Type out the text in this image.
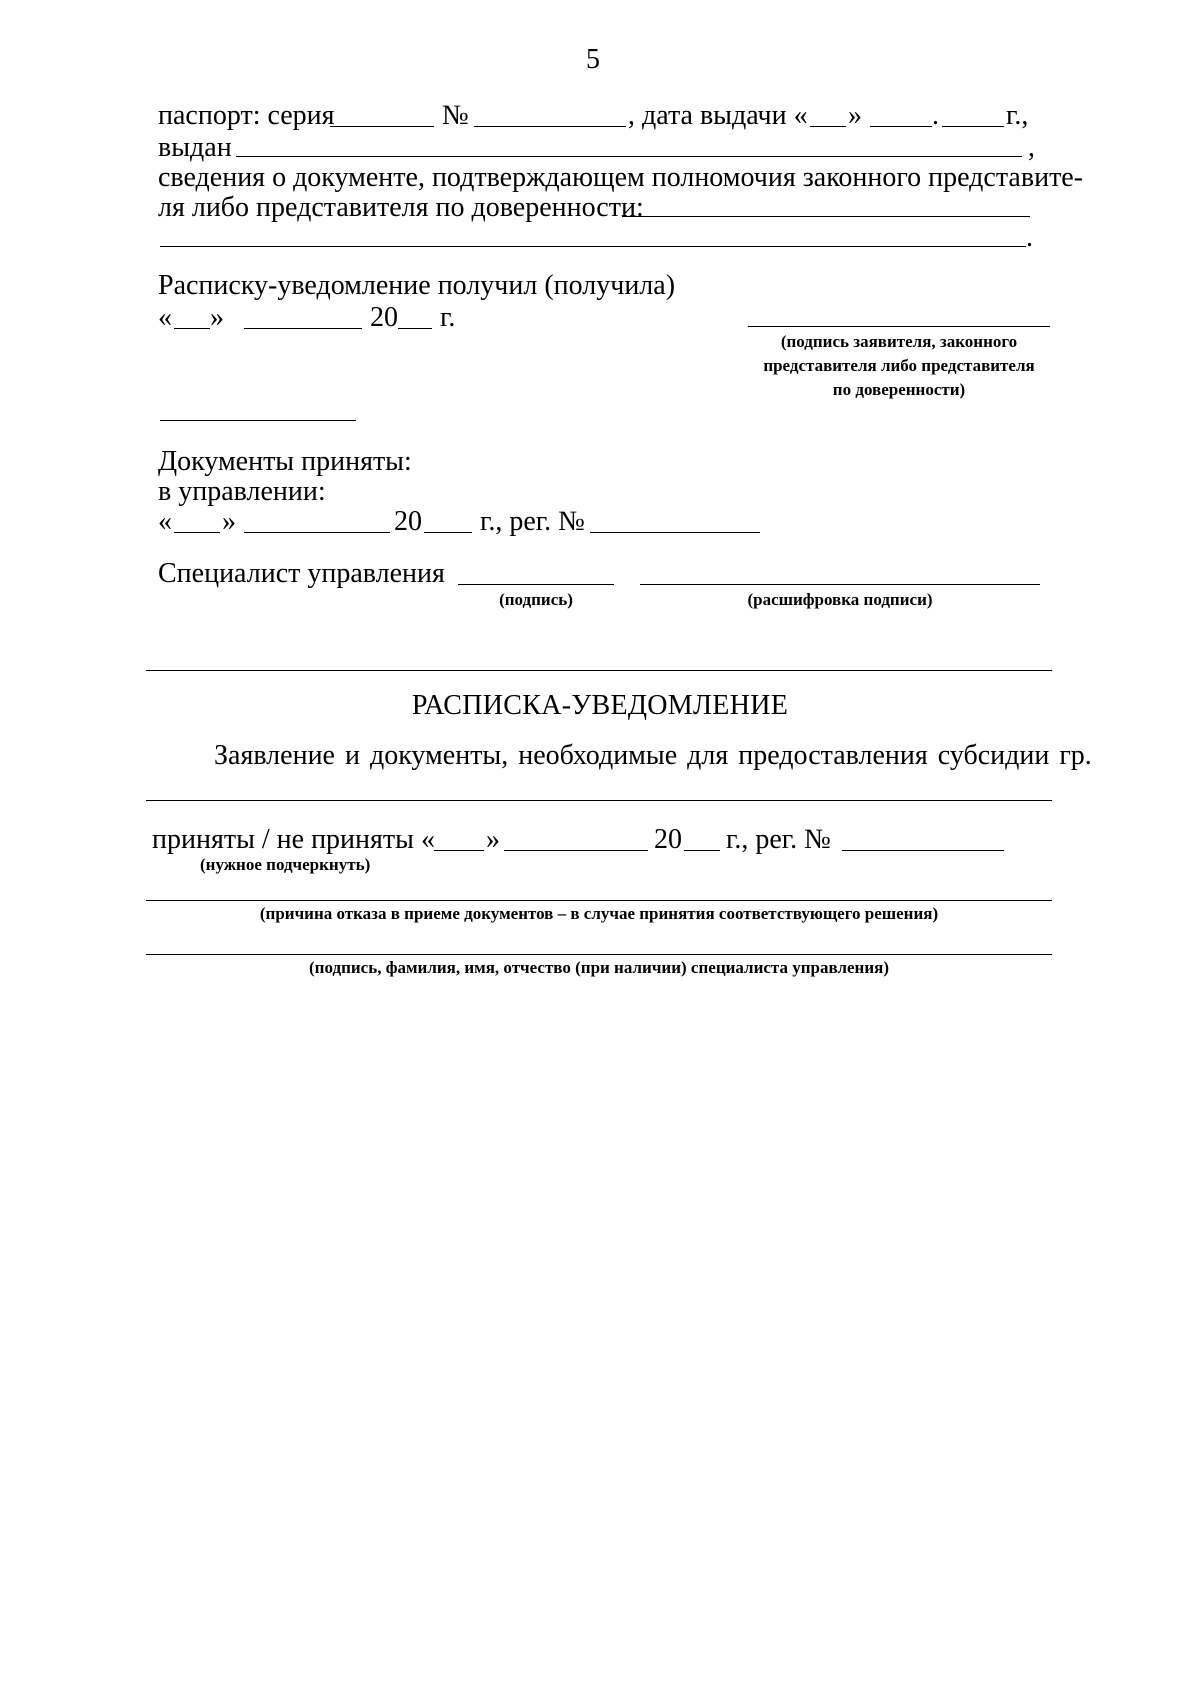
5
паспорт: серия	№	, дата выдачи « »	. г.,
выдан	,
сведения о документе, подтверждающем полномочия законного представите-
ля либо представителя по доверенности:
.
Расписку-уведомление получил (получила)
« »	20 г.
(подпись заявителя, законного
представителя либо представителя
по доверенности)
Документы приняты:
в управлении:
« »	20 г., рег. №
Специалист управления
(подпись)	(расшифровка подписи)
РАСПИСКА-УВЕДОМЛЕНИЕ
Заявление и документы, необходимые для предоставления субсидии гр.
приняты / не приняты « »	20 г., рег. №
(нужное подчеркнуть)
(причина отказа в приеме документов – в случае принятия соответствующего решения)
(подпись, фамилия, имя, отчество (при наличии) специалиста управления)
